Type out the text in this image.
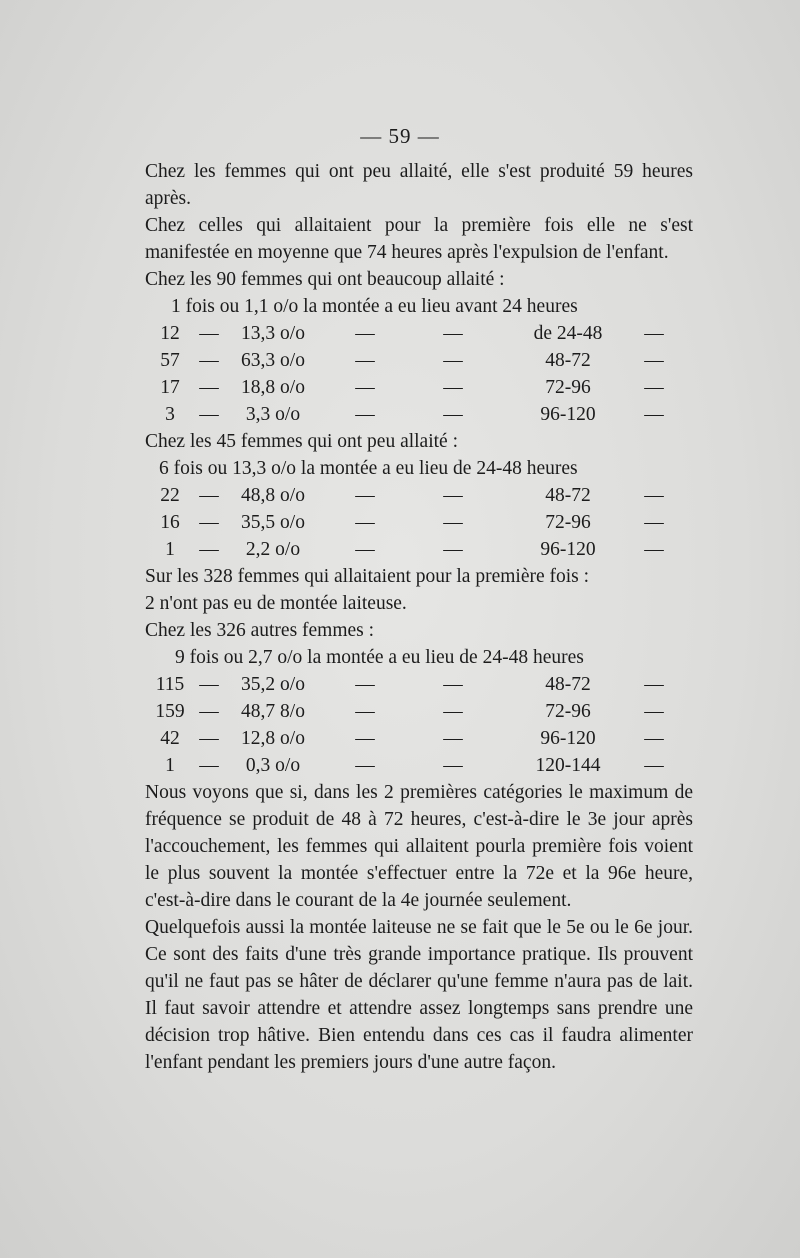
— 59 —

Chez les femmes qui ont peu allaité, elle s'est produité 59 heures après.

Chez celles qui allaitaient pour la première fois elle ne s'est manifestée en moyenne que 74 heures après l'expulsion de l'enfant.

Chez les 90 femmes qui ont beaucoup allaité :
1 fois ou 1,1 o/o la montée a eu lieu avant 24 heures
12	—	13,3 o/o	—	—	de 24-48	—
57	—	63,3 o/o	—	—	48-72	—
17	—	18,8 o/o	—	—	72-96	—
3	—	3,3 o/o	—	—	96-120	—
Chez les 45 femmes qui ont peu allaité :
6 fois ou 13,3 o/o la montée a eu lieu de 24-48 heures
22	—	48,8 o/o	—	—	48-72	—
16	—	35,5 o/o	—	—	72-96	—
1	—	2,2 o/o	—	—	96-120	—
Sur les 328 femmes qui allaitaient pour la première fois :
2 n'ont pas eu de montée laiteuse.
Chez les 326 autres femmes :
9 fois ou 2,7 o/o la montée a eu lieu de 24-48 heures
115	—	35,2 o/o	—	—	48-72	—
159	—	48,7 8/o	—	—	72-96	—
42	—	12,8 o/o	—	—	96-120	—
1	—	0,3 o/o	—	—	120-144	—

Nous voyons que si, dans les 2 premières catégories le maximum de fréquence se produit de 48 à 72 heures, c'est-à-dire le 3e jour après l'accouchement, les femmes qui allaitent pourla première fois voient le plus souvent la montée s'effectuer entre la 72e et la 96e heure, c'est-à-dire dans le courant de la 4e journée seulement.

Quelquefois aussi la montée laiteuse ne se fait que le 5e ou le 6e jour. Ce sont des faits d'une très grande importance pratique. Ils prouvent qu'il ne faut pas se hâter de déclarer qu'une femme n'aura pas de lait. Il faut savoir attendre et attendre assez longtemps sans prendre une décision trop hâtive. Bien entendu dans ces cas il faudra alimenter l'enfant pendant les premiers jours d'une autre façon.
